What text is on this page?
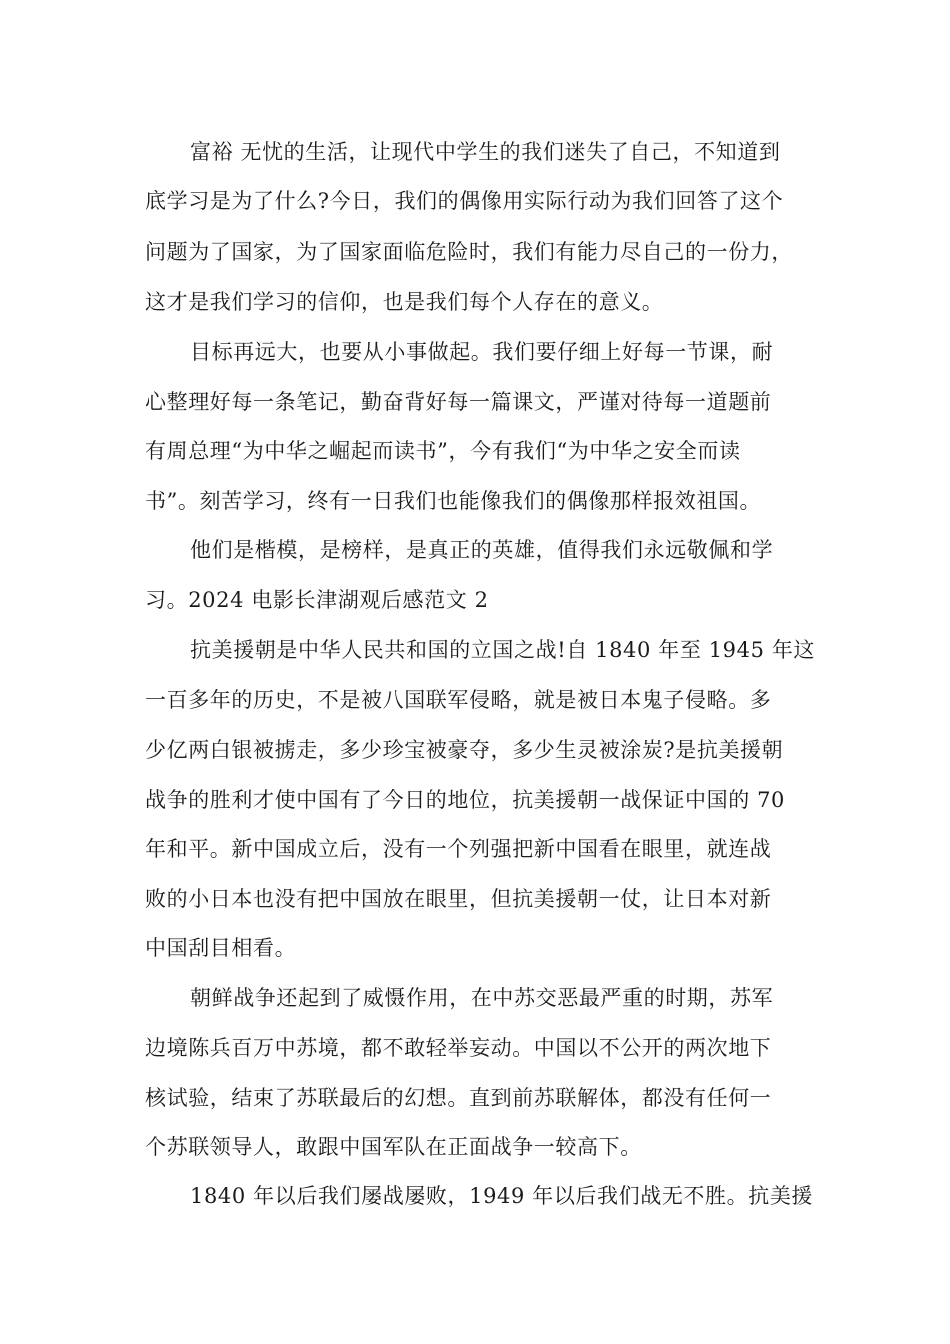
富裕 无忧的生活，让现代中学生的我们迷失了自己，不知道到
底学习是为了什么?今日，我们的偶像用实际行动为我们回答了这个
问题为了国家，为了国家面临危险时，我们有能力尽自己的一份力，
这才是我们学习的信仰，也是我们每个人存在的意义。
目标再远大，也要从小事做起。我们要仔细上好每一节课，耐
心整理好每一条笔记，勤奋背好每一篇课文，严谨对待每一道题前
有周总理“为中华之崛起而读书”，今有我们“为中华之安全而读
书”。刻苦学习，终有一日我们也能像我们的偶像那样报效祖国。
他们是楷模，是榜样，是真正的英雄，值得我们永远敬佩和学
习。2024 电影长津湖观后感范文 2
抗美援朝是中华人民共和国的立国之战!自 1840 年至 1945 年这
一百多年的历史，不是被八国联军侵略，就是被日本鬼子侵略。多
少亿两白银被掳走，多少珍宝被豪夺，多少生灵被涂炭?是抗美援朝
战争的胜利才使中国有了今日的地位，抗美援朝一战保证中国的 70
年和平。新中国成立后，没有一个列强把新中国看在眼里，就连战
败的小日本也没有把中国放在眼里，但抗美援朝一仗，让日本对新
中国刮目相看。
朝鲜战争还起到了威慑作用，在中苏交恶最严重的时期，苏军
边境陈兵百万中苏境，都不敢轻举妄动。中国以不公开的两次地下
核试验，结束了苏联最后的幻想。直到前苏联解体，都没有任何一
个苏联领导人，敢跟中国军队在正面战争一较高下。
1840 年以后我们屡战屡败，1949 年以后我们战无不胜。抗美援
